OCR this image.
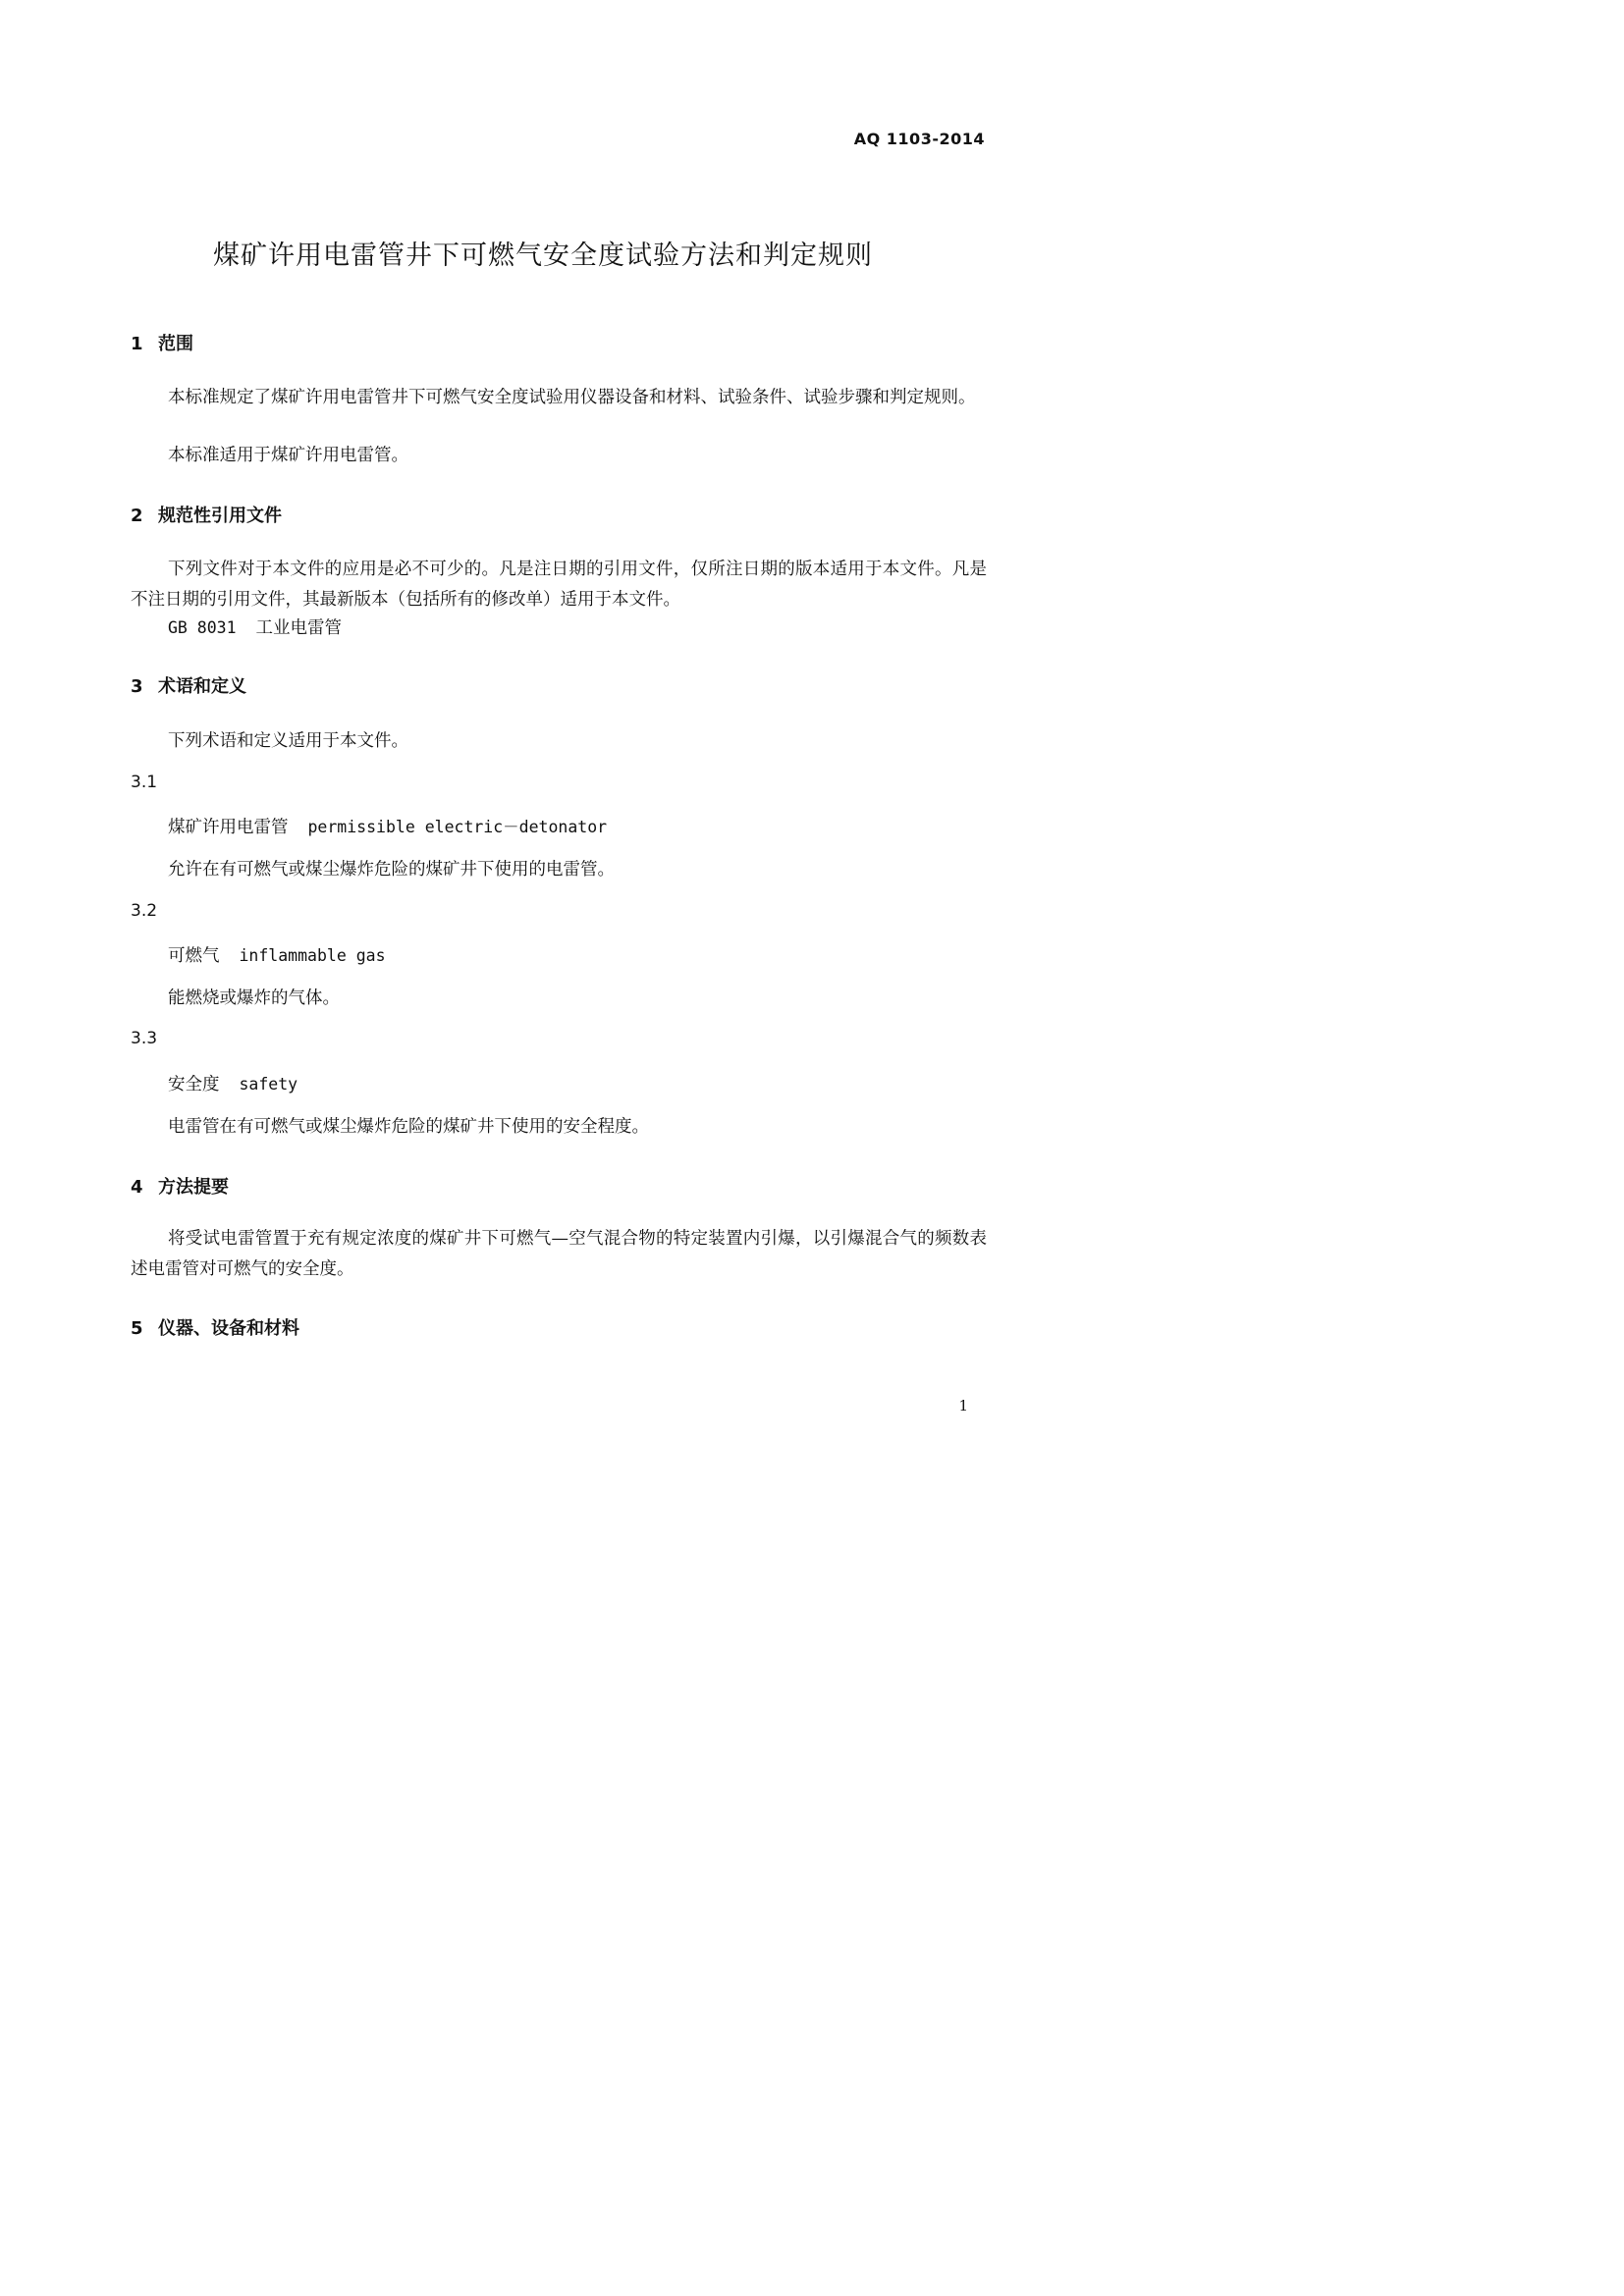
AQ 1103-2014
煤矿许用电雷管井下可燃气安全度试验方法和判定规则
1 范围
本标准规定了煤矿许用电雷管井下可燃气安全度试验用仪器设备和材料、试验条件、试验步骤和判定规则。
本标准适用于煤矿许用电雷管。
2 规范性引用文件
下列文件对于本文件的应用是必不可少的。凡是注日期的引用文件，仅所注日期的版本适用于本文件。凡是不注日期的引用文件，其最新版本（包括所有的修改单）适用于本文件。
GB 8031 工业电雷管
3 术语和定义
下列术语和定义适用于本文件。
3.1
煤矿许用电雷管 permissible electric－detonator
允许在有可燃气或煤尘爆炸危险的煤矿井下使用的电雷管。
3.2
可燃气 inflammable gas
能燃烧或爆炸的气体。
3.3
安全度 safety
电雷管在有可燃气或煤尘爆炸危险的煤矿井下使用的安全程度。
4 方法提要
将受试电雷管置于充有规定浓度的煤矿井下可燃气—空气混合物的特定装置内引爆，以引爆混合气的频数表述电雷管对可燃气的安全度。
5 仪器、设备和材料
1
